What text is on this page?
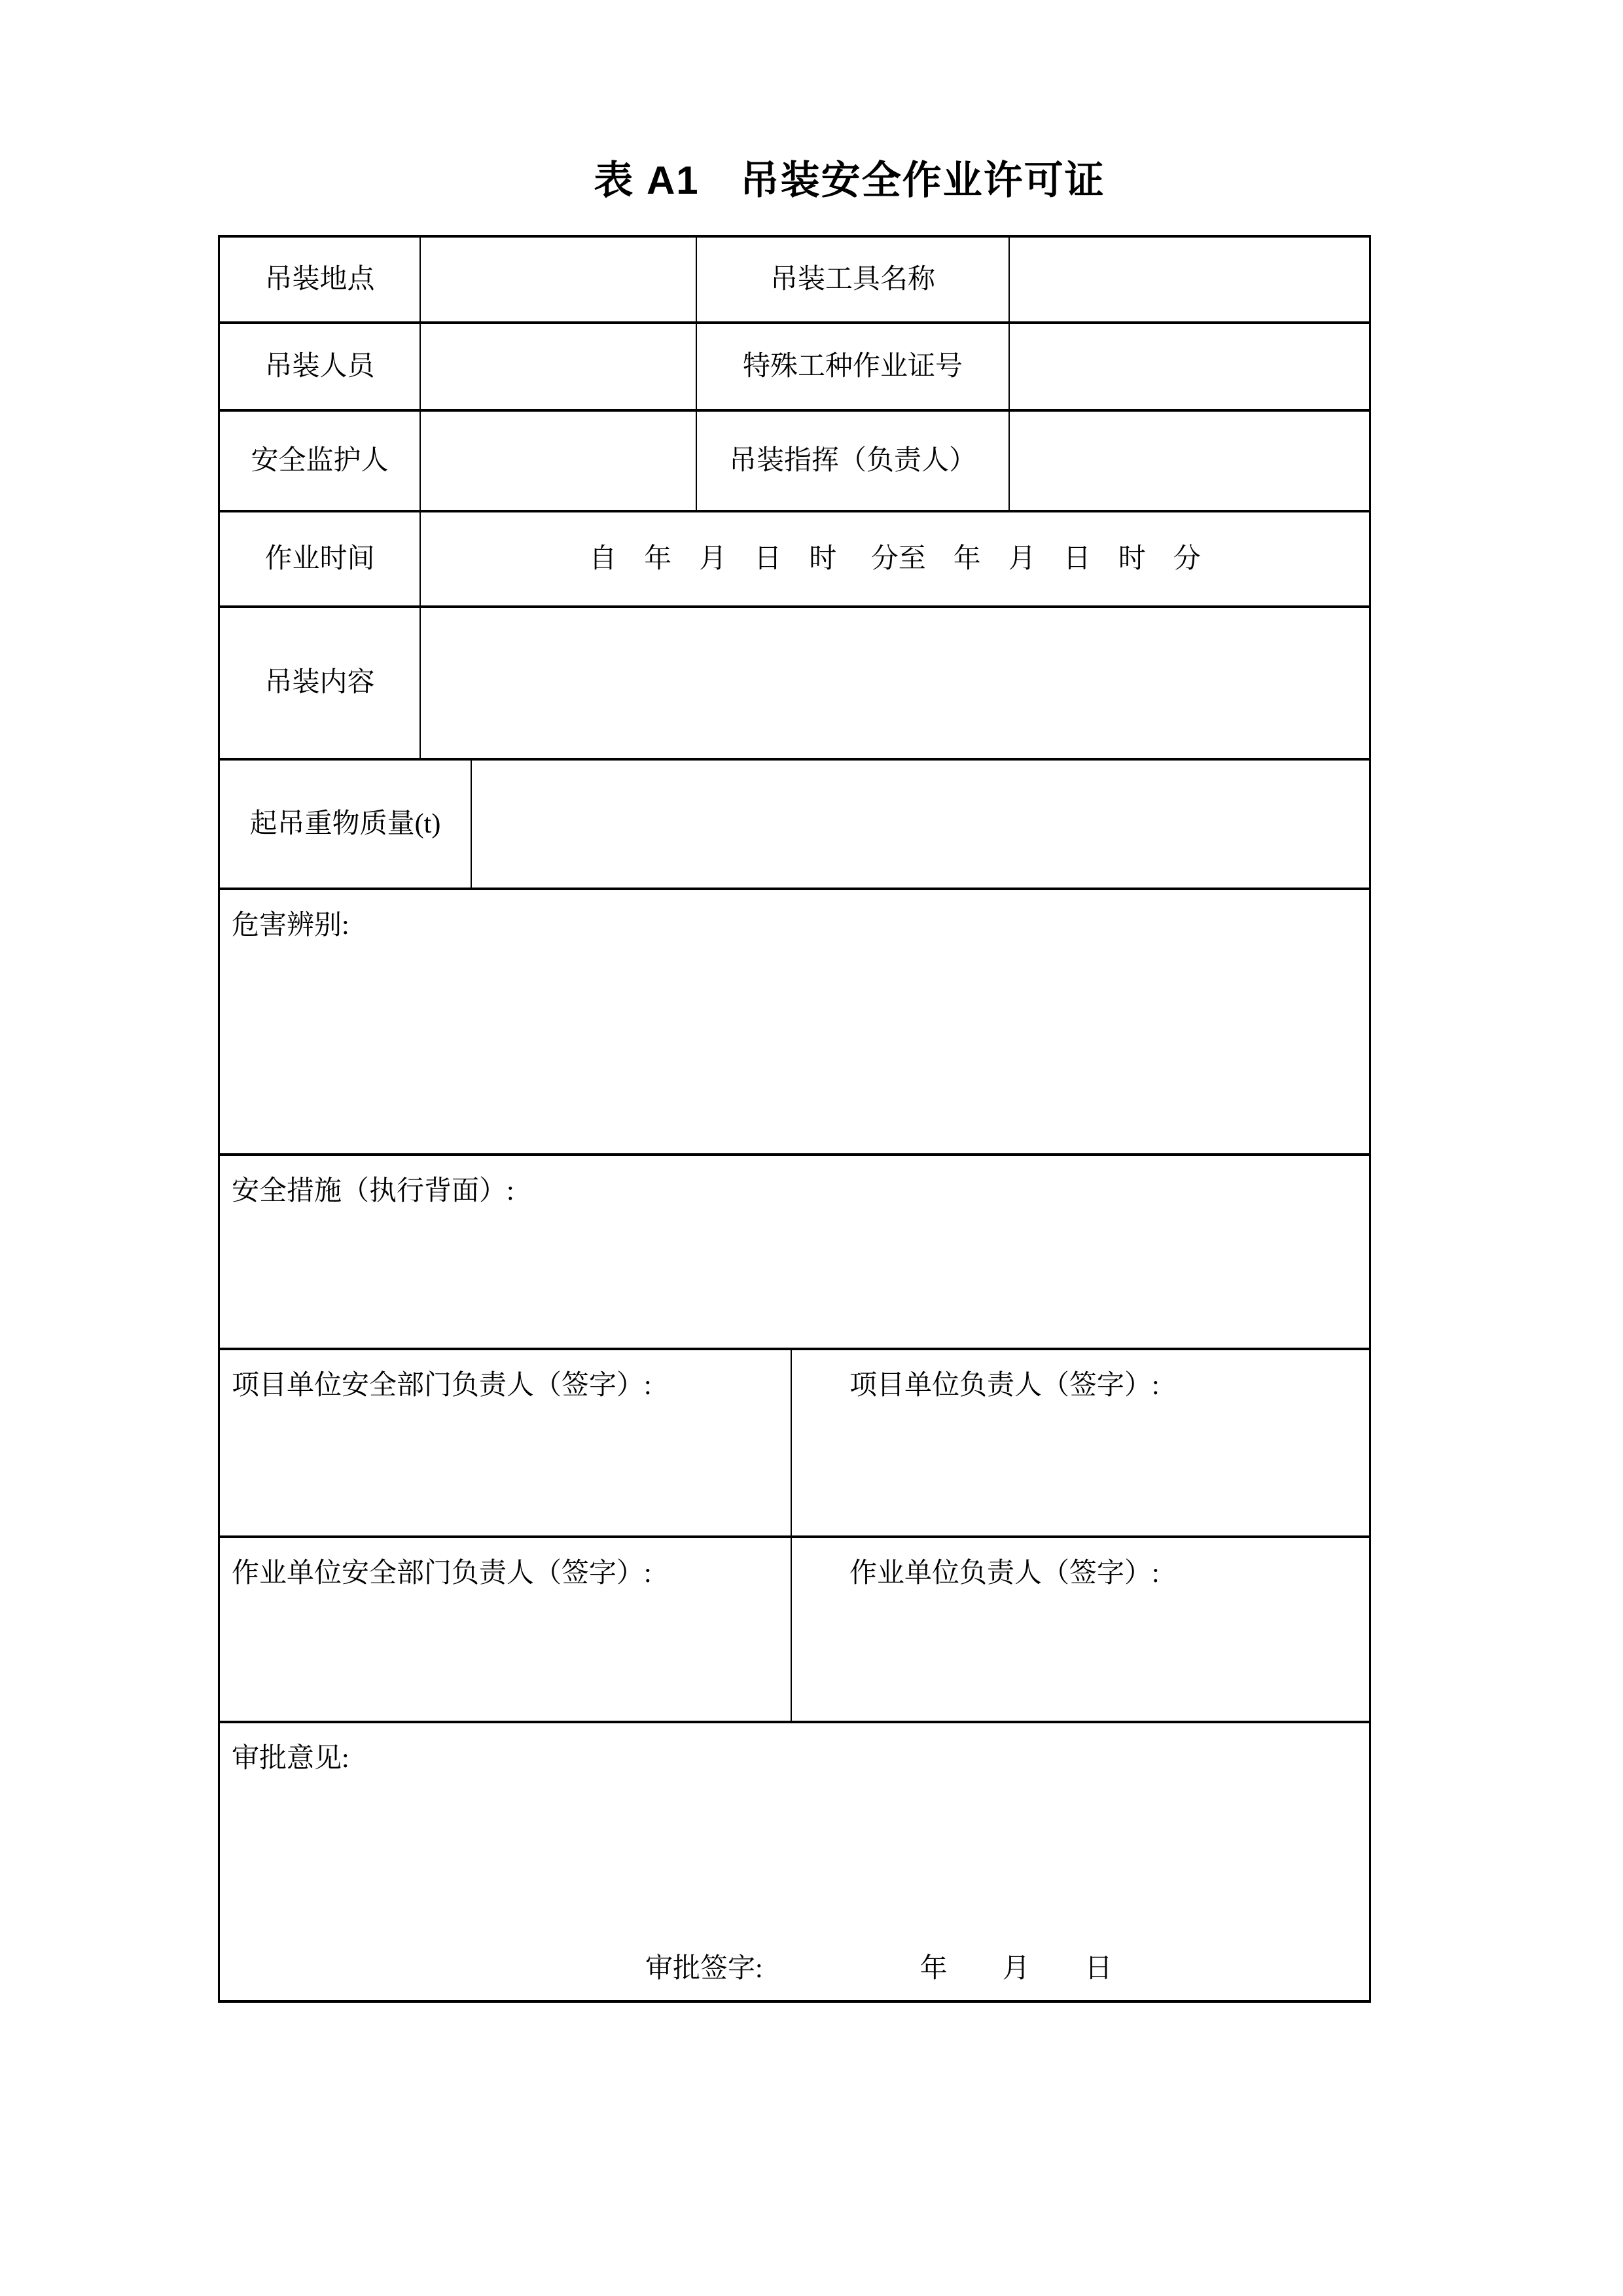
表 A1　吊装安全作业许可证
吊装地点	吊装工具名称
吊装人员	特殊工种作业证号
安全监护人	吊装指挥（负责人）
作业时间	自　年　月　日　时　 分至　年　月　日　时　分
吊装内容
起吊重物质量(t)
危害辨别:
安全措施（执行背面）:
项目单位安全部门负责人（签字）:	项目单位负责人（签字）:
作业单位安全部门负责人（签字）:	作业单位负责人（签字）:
审批意见:
审批签字:	年　　月　　日
